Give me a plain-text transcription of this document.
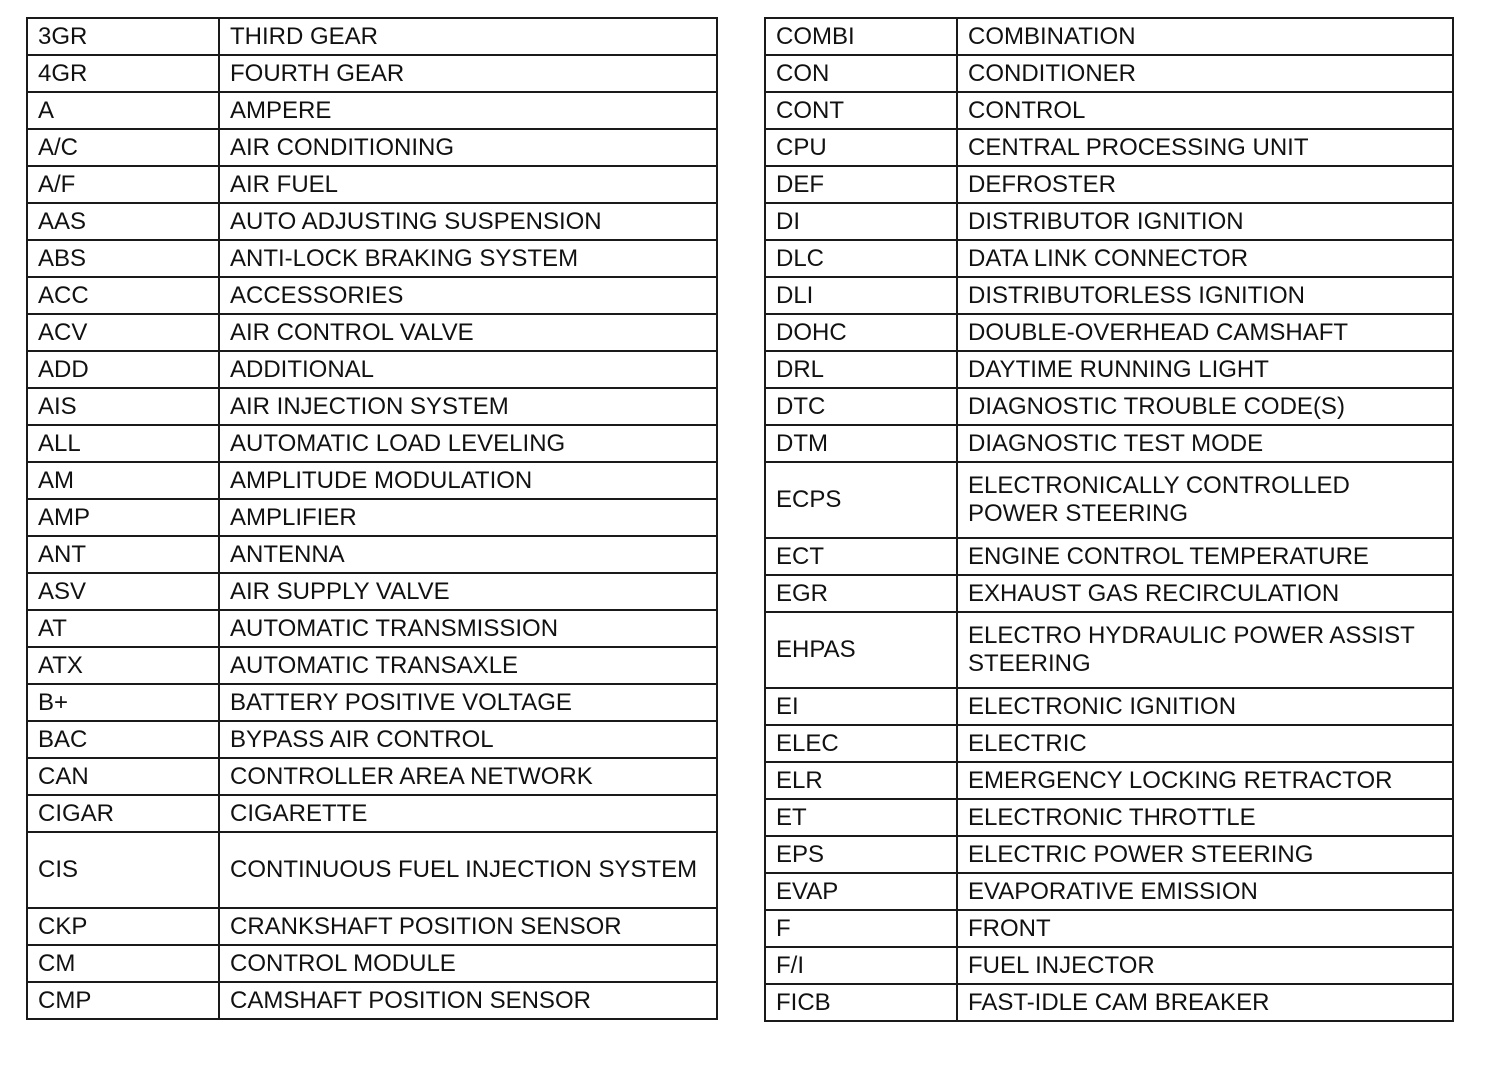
3GR	THIRD GEAR
4GR	FOURTH GEAR
A	AMPERE
A/C	AIR CONDITIONING
A/F	AIR FUEL
AAS	AUTO ADJUSTING SUSPENSION
ABS	ANTI-LOCK BRAKING SYSTEM
ACC	ACCESSORIES
ACV	AIR CONTROL VALVE
ADD	ADDITIONAL
AIS	AIR INJECTION SYSTEM
ALL	AUTOMATIC LOAD LEVELING
AM	AMPLITUDE MODULATION
AMP	AMPLIFIER
ANT	ANTENNA
ASV	AIR SUPPLY VALVE
AT	AUTOMATIC TRANSMISSION
ATX	AUTOMATIC TRANSAXLE
B+	BATTERY POSITIVE VOLTAGE
BAC	BYPASS AIR CONTROL
CAN	CONTROLLER AREA NETWORK
CIGAR	CIGARETTE
CIS	CONTINUOUS FUEL INJECTION SYSTEM
CKP	CRANKSHAFT POSITION SENSOR
CM	CONTROL MODULE
CMP	CAMSHAFT POSITION SENSOR
COMBI	COMBINATION
CON	CONDITIONER
CONT	CONTROL
CPU	CENTRAL PROCESSING UNIT
DEF	DEFROSTER
DI	DISTRIBUTOR IGNITION
DLC	DATA LINK CONNECTOR
DLI	DISTRIBUTORLESS IGNITION
DOHC	DOUBLE-OVERHEAD CAMSHAFT
DRL	DAYTIME RUNNING LIGHT
DTC	DIAGNOSTIC TROUBLE CODE(S)
DTM	DIAGNOSTIC TEST MODE
ECPS	ELECTRONICALLY CONTROLLED POWER STEERING
ECT	ENGINE CONTROL TEMPERATURE
EGR	EXHAUST GAS RECIRCULATION
EHPAS	ELECTRO HYDRAULIC POWER ASSIST STEERING
EI	ELECTRONIC IGNITION
ELEC	ELECTRIC
ELR	EMERGENCY LOCKING RETRACTOR
ET	ELECTRONIC THROTTLE
EPS	ELECTRIC POWER STEERING
EVAP	EVAPORATIVE EMISSION
F	FRONT
F/I	FUEL INJECTOR
FICB	FAST-IDLE CAM BREAKER
